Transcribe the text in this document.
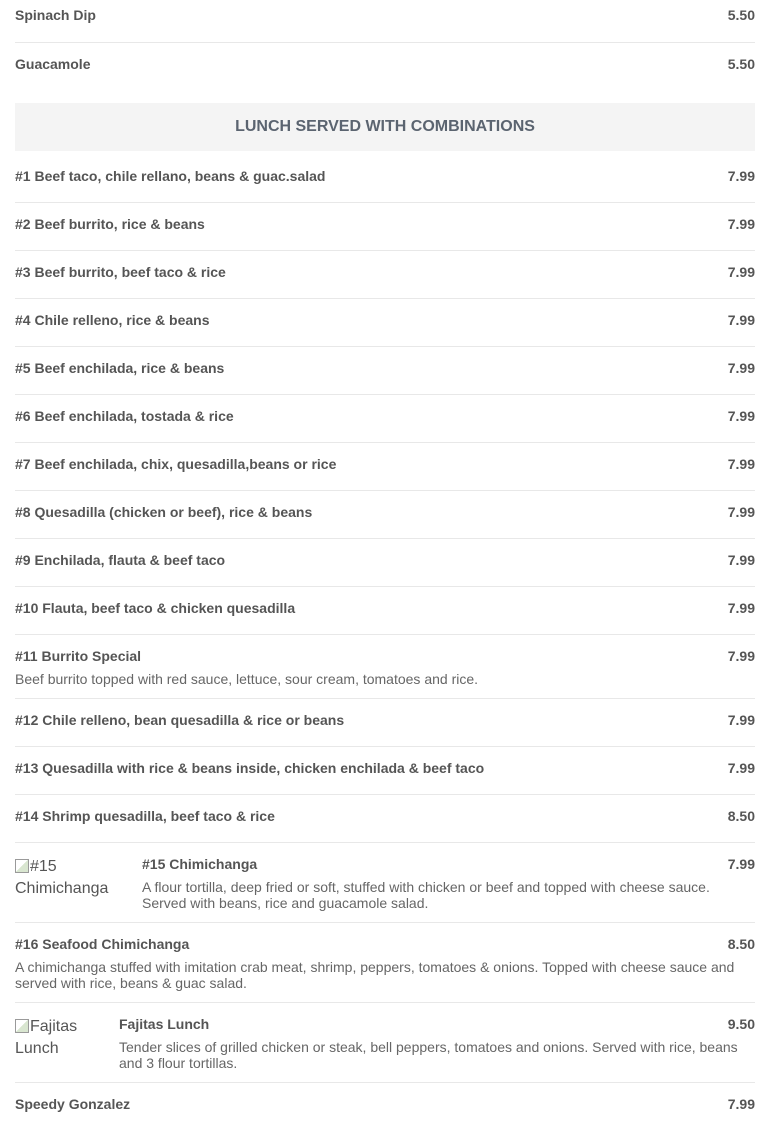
Spinach Dip	5.50
Guacamole	5.50
LUNCH SERVED WITH COMBINATIONS
#1 Beef taco, chile rellano, beans & guac.salad	7.99
#2 Beef burrito, rice & beans	7.99
#3 Beef burrito, beef taco & rice	7.99
#4 Chile relleno, rice & beans	7.99
#5 Beef enchilada, rice & beans	7.99
#6 Beef enchilada, tostada & rice	7.99
#7 Beef enchilada, chix, quesadilla,beans or rice	7.99
#8 Quesadilla (chicken or beef), rice & beans	7.99
#9 Enchilada, flauta & beef taco	7.99
#10 Flauta, beef taco & chicken quesadilla	7.99
#11 Burrito Special	7.99
Beef burrito topped with red sauce, lettuce, sour cream, tomatoes and rice.
#12 Chile relleno, bean quesadilla & rice or beans	7.99
#13 Quesadilla with rice & beans inside, chicken enchilada & beef taco	7.99
#14 Shrimp quesadilla, beef taco & rice	8.50
#15 Chimichanga
#15 Chimichanga	7.99
A flour tortilla, deep fried or soft, stuffed with chicken or beef and topped with cheese sauce. Served with beans, rice and guacamole salad.
#16 Seafood Chimichanga	8.50
A chimichanga stuffed with imitation crab meat, shrimp, peppers, tomatoes & onions. Topped with cheese sauce and served with rice, beans & guac salad.
Fajitas Lunch
Fajitas Lunch	9.50
Tender slices of grilled chicken or steak, bell peppers, tomatoes and onions. Served with rice, beans and 3 flour tortillas.
Speedy Gonzalez	7.99
